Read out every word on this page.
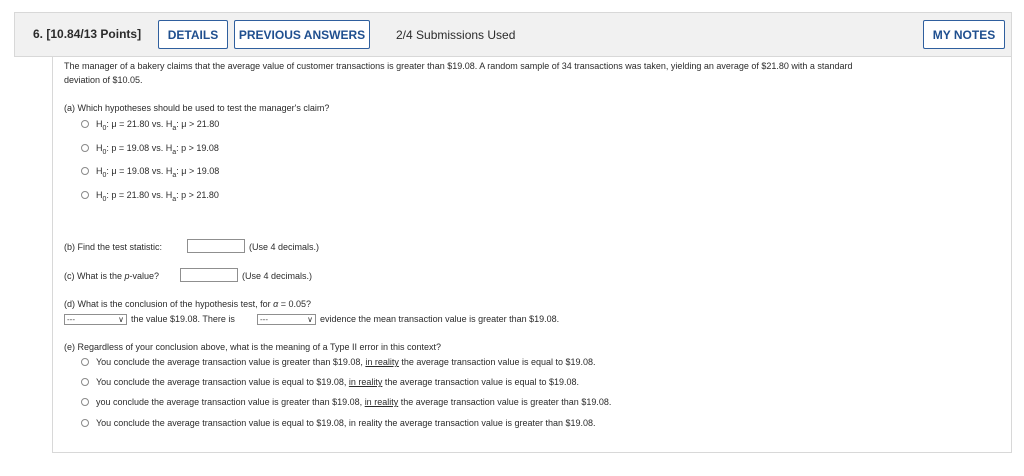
6. [10.84/13 Points]	DETAILS	PREVIOUS ANSWERS	2/4 Submissions Used	MY NOTES
The manager of a bakery claims that the average value of customer transactions is greater than $19.08. A random sample of 34 transactions was taken, yielding an average of $21.80 with a standard
deviation of $10.05.
(a) Which hypotheses should be used to test the manager's claim?
$H_0$: μ = 21.80 vs. $H_a$: μ > 21.80
$H_0$: p = 19.08 vs. $H_a$: p > 19.08
$H_0$: μ = 19.08 vs. $H_a$: μ > 19.08
$H_0$: p = 21.80 vs. $H_a$: p > 21.80
(b) Find the test statistic:	(Use 4 decimals.)
(c) What is the p-value?	(Use 4 decimals.)
(d) What is the conclusion of the hypothesis test, for α = 0.05?
---	∨ the value $19.08. There is	---	∨ evidence the mean transaction value is greater than $19.08.
(e) Regardless of your conclusion above, what is the meaning of a Type II error in this context?
You conclude the average transaction value is greater than $19.08, in reality the average transaction value is equal to $19.08.
You conclude the average transaction value is equal to $19.08, in reality the average transaction value is equal to $19.08.
you conclude the average transaction value is greater than $19.08, in reality the average transaction value is greater than $19.08.
You conclude the average transaction value is equal to $19.08, in reality the average transaction value is greater than $19.08.
